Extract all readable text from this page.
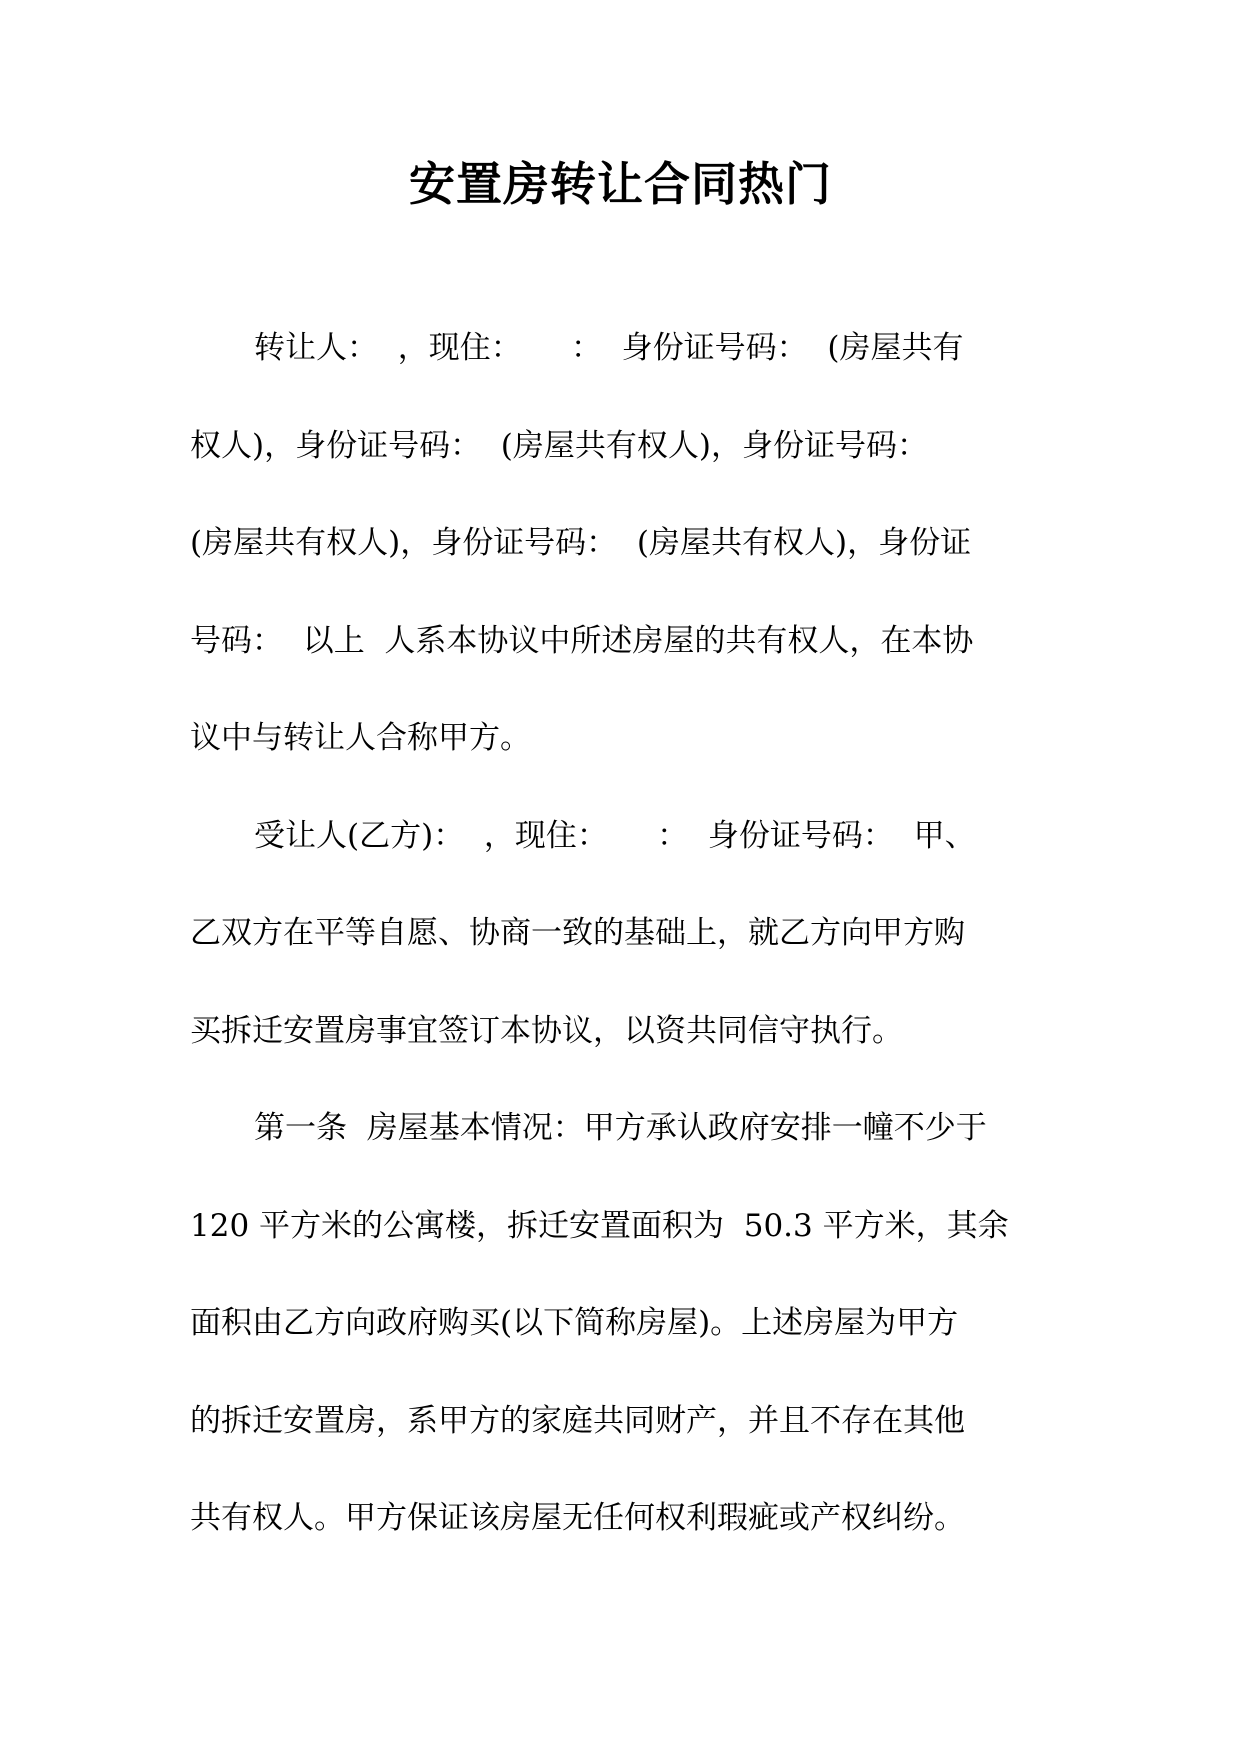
安置房转让合同热门

转让人：  ，现住：     ：  身份证号码：  (房屋共有
权人)，身份证号码：  (房屋共有权人)，身份证号码：
(房屋共有权人)，身份证号码：  (房屋共有权人)，身份证
号码：  以上  人系本协议中所述房屋的共有权人，在本协
议中与转让人合称甲方。

受让人(乙方)：  ，现住：     ：  身份证号码：  甲、
乙双方在平等自愿、协商一致的基础上，就乙方向甲方购
买拆迁安置房事宜签订本协议，以资共同信守执行。

第一条  房屋基本情况：甲方承认政府安排一幢不少于
120 平方米的公寓楼，拆迁安置面积为  50.3 平方米，其余
面积由乙方向政府购买(以下简称房屋)。上述房屋为甲方
的拆迁安置房，系甲方的家庭共同财产，并且不存在其他
共有权人。甲方保证该房屋无任何权利瑕疵或产权纠纷。
